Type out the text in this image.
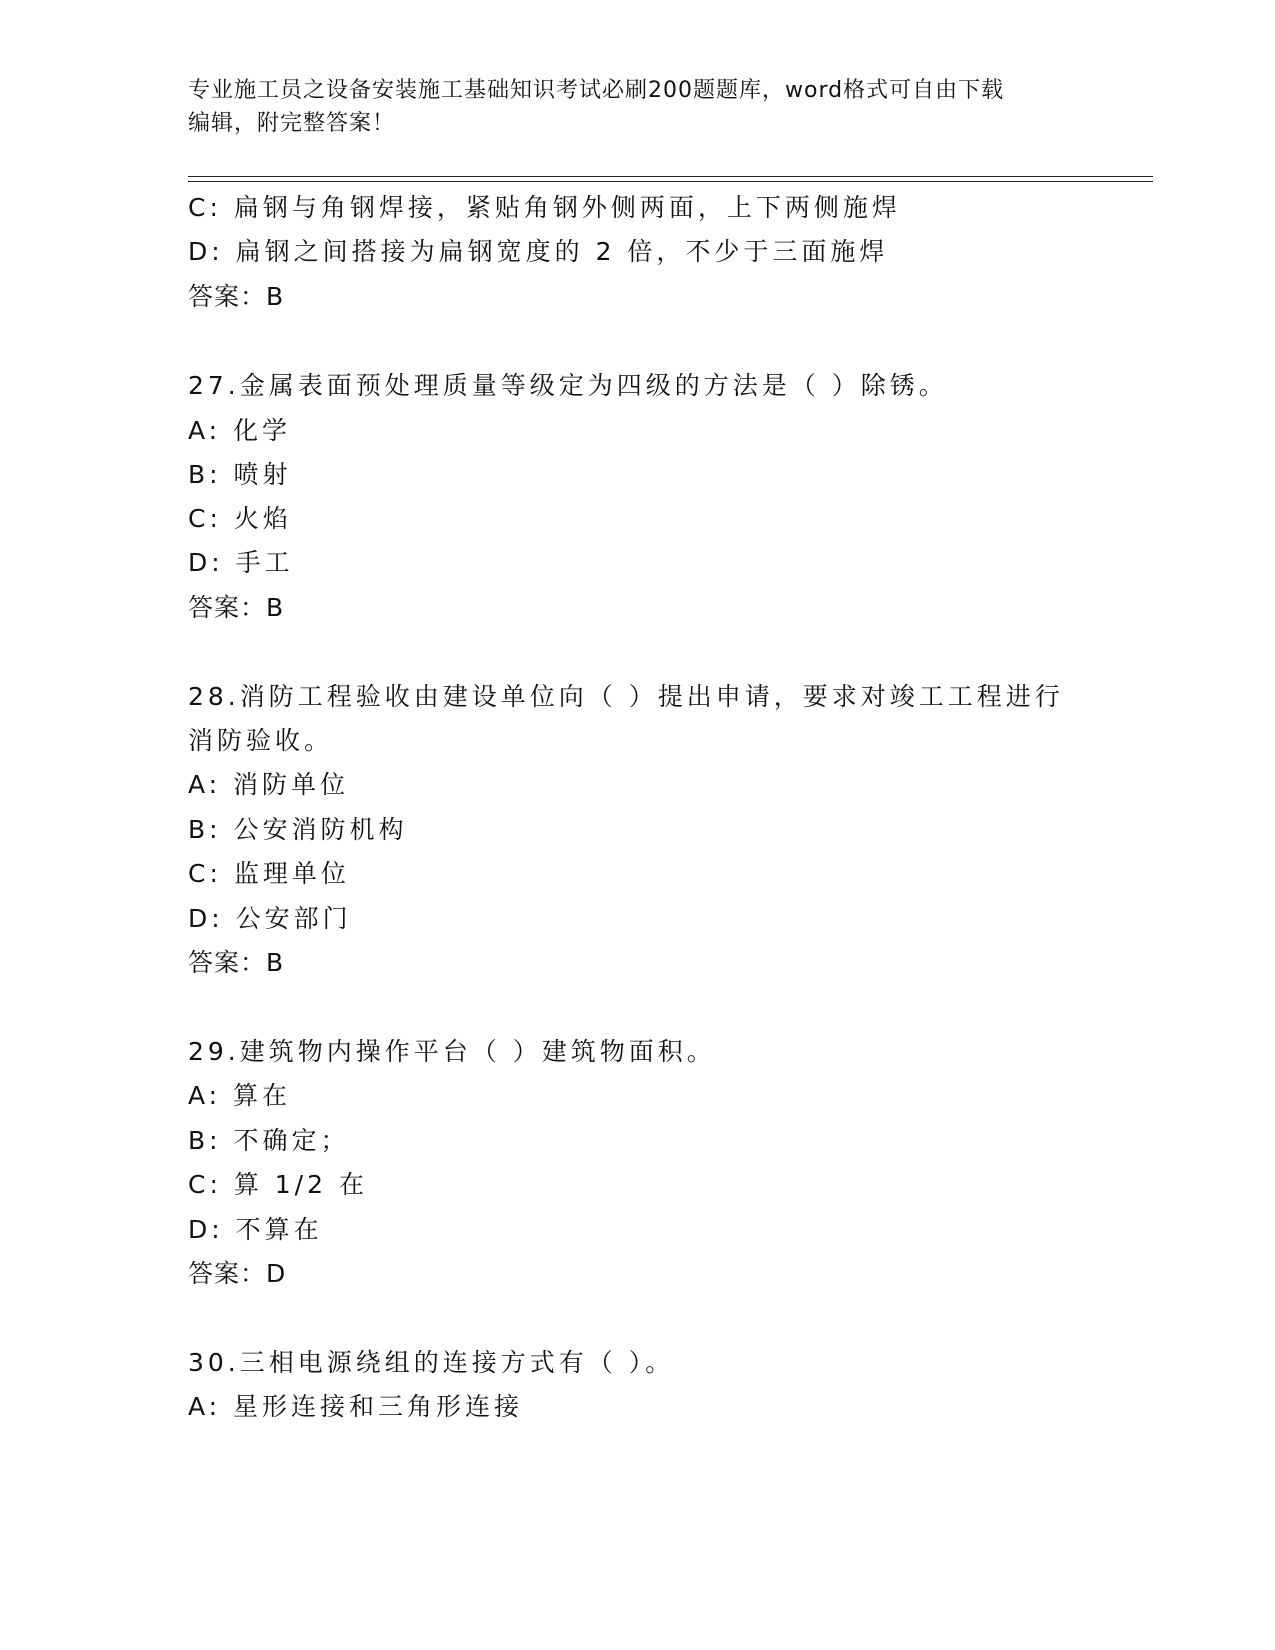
专业施工员之设备安装施工基础知识考试必刷200题题库，word格式可自由下载
编辑，附完整答案！
C: 扁钢与角钢焊接，紧贴角钢外侧两面，上下两侧施焊
D: 扁钢之间搭接为扁钢宽度的 2 倍，不少于三面施焊
答案：B
27.金属表面预处理质量等级定为四级的方法是（ ）除锈。
A: 化学
B: 喷射
C: 火焰
D: 手工
答案：B
28.消防工程验收由建设单位向（ ）提出申请，要求对竣工工程进行
消防验收。
A: 消防单位
B: 公安消防机构
C: 监理单位
D: 公安部门
答案：B
29.建筑物内操作平台（ ）建筑物面积。
A: 算在
B: 不确定；
C: 算 1/2 在
D: 不算在
答案：D
30.三相电源绕组的连接方式有（ ）。
A: 星形连接和三角形连接
